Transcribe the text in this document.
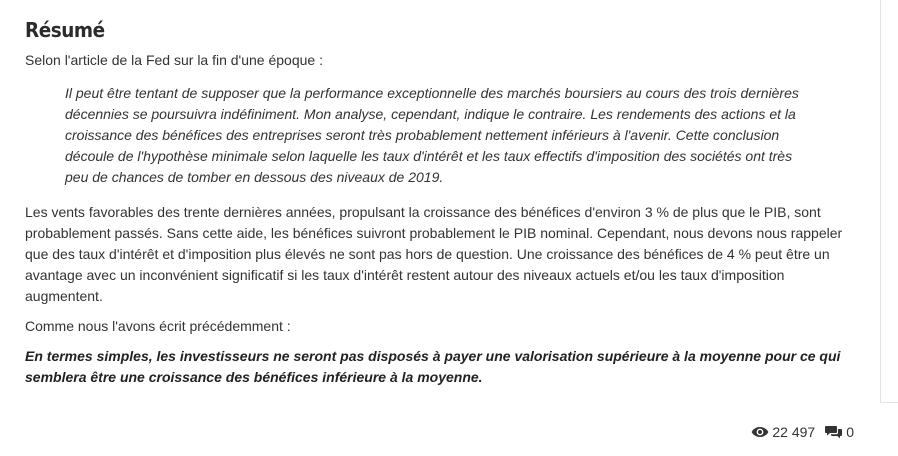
Résumé

Selon l'article de la Fed sur la fin d'une époque :

Il peut être tentant de supposer que la performance exceptionnelle des marchés boursiers au cours des trois dernières décennies se poursuivra indéfiniment. Mon analyse, cependant, indique le contraire. Les rendements des actions et la croissance des bénéfices des entreprises seront très probablement nettement inférieurs à l'avenir. Cette conclusion découle de l'hypothèse minimale selon laquelle les taux d'intérêt et les taux effectifs d'imposition des sociétés ont très peu de chances de tomber en dessous des niveaux de 2019.

Les vents favorables des trente dernières années, propulsant la croissance des bénéfices d'environ 3 % de plus que le PIB, sont probablement passés. Sans cette aide, les bénéfices suivront probablement le PIB nominal. Cependant, nous devons nous rappeler que des taux d'intérêt et d'imposition plus élevés ne sont pas hors de question. Une croissance des bénéfices de 4 % peut être un avantage avec un inconvénient significatif si les taux d'intérêt restent autour des niveaux actuels et/ou les taux d'imposition augmentent.

Comme nous l'avons écrit précédemment :

En termes simples, les investisseurs ne seront pas disposés à payer une valorisation supérieure à la moyenne pour ce qui semblera être une croissance des bénéfices inférieure à la moyenne.

22 497 0
